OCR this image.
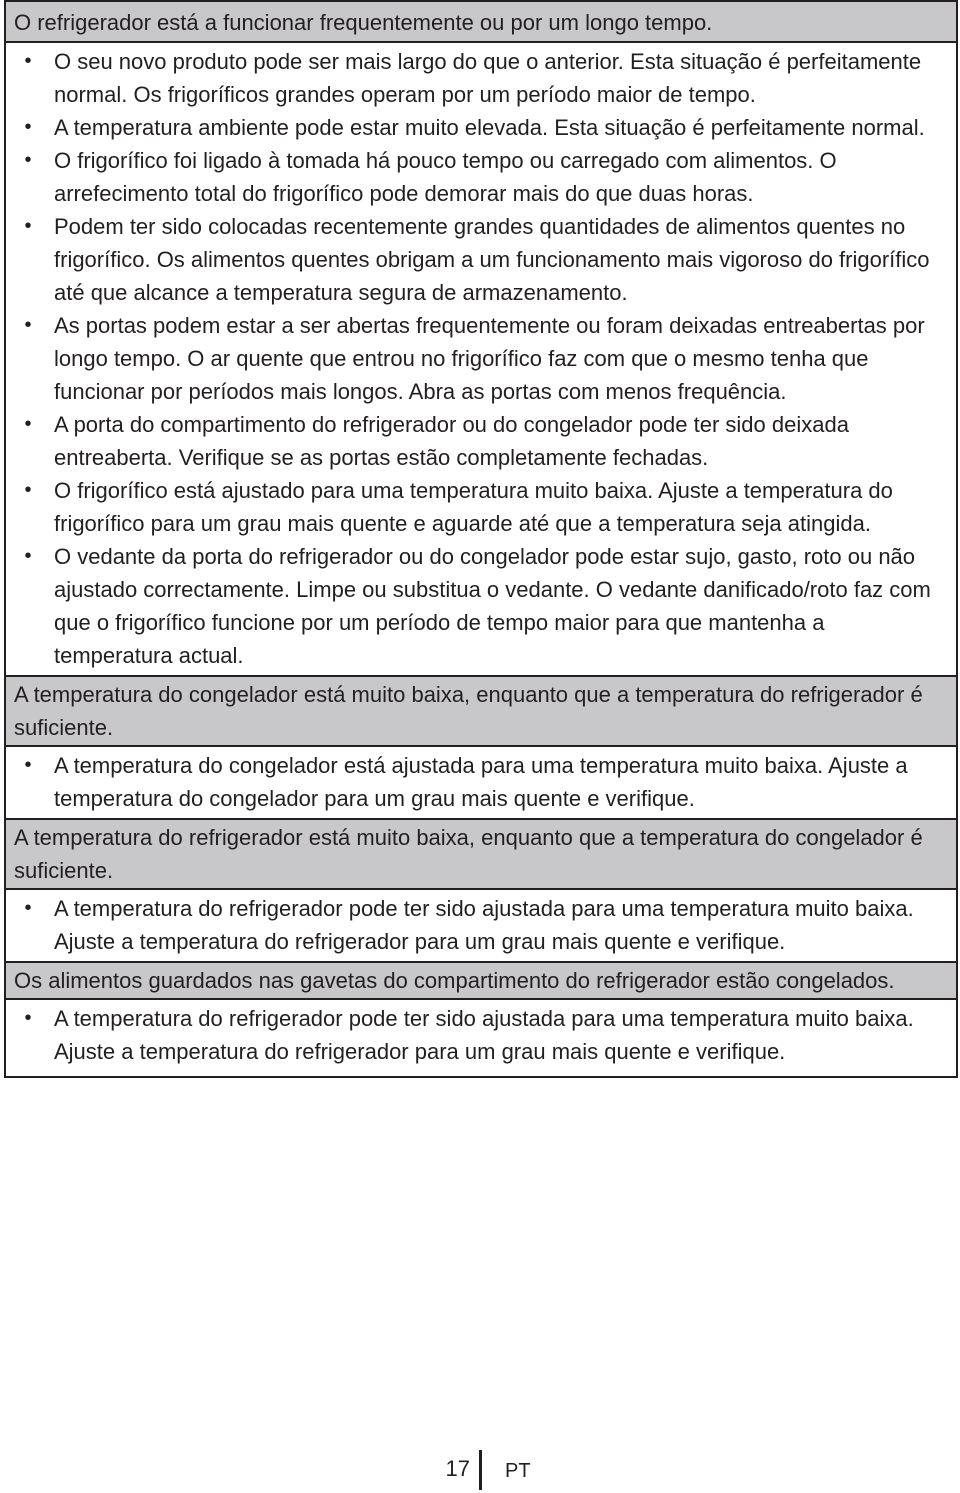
O refrigerador está a funcionar frequentemente ou por um longo tempo.
• O seu novo produto pode ser mais largo do que o anterior. Esta situação é perfeitamente normal. Os frigoríficos grandes operam por um período maior de tempo.
• A temperatura ambiente pode estar muito elevada. Esta situação é perfeitamente normal.
• O frigorífico foi ligado à tomada há pouco tempo ou carregado com alimentos. O arrefecimento total do frigorífico pode demorar mais do que duas horas.
• Podem ter sido colocadas recentemente grandes quantidades de alimentos quentes no frigorífico. Os alimentos quentes obrigam a um funcionamento mais vigoroso do frigorífico até que alcance a temperatura segura de armazenamento.
• As portas podem estar a ser abertas frequentemente ou foram deixadas entreabertas por longo tempo. O ar quente que entrou no frigorífico faz com que o mesmo tenha que funcionar por períodos mais longos. Abra as portas com menos frequência.
• A porta do compartimento do refrigerador ou do congelador pode ter sido deixada entreaberta. Verifique se as portas estão completamente fechadas.
• O frigorífico está ajustado para uma temperatura muito baixa. Ajuste a temperatura do frigorífico para um grau mais quente e aguarde até que a temperatura seja atingida.
• O vedante da porta do refrigerador ou do congelador pode estar sujo, gasto, roto ou não ajustado correctamente. Limpe ou substitua o vedante. O vedante danificado/roto faz com que o frigorífico funcione por um período de tempo maior para que mantenha a temperatura actual.
A temperatura do congelador está muito baixa, enquanto que a temperatura do refrigerador é suficiente.
• A temperatura do congelador está ajustada para uma temperatura muito baixa. Ajuste a temperatura do congelador para um grau mais quente e verifique.
A temperatura do refrigerador está muito baixa, enquanto que a temperatura do congelador é suficiente.
• A temperatura do refrigerador pode ter sido ajustada para uma temperatura muito baixa. Ajuste a temperatura do refrigerador para um grau mais quente e verifique.
Os alimentos guardados nas gavetas do compartimento do refrigerador estão congelados.
• A temperatura do refrigerador pode ter sido ajustada para uma temperatura muito baixa. Ajuste a temperatura do refrigerador para um grau mais quente e verifique.
17 PT
